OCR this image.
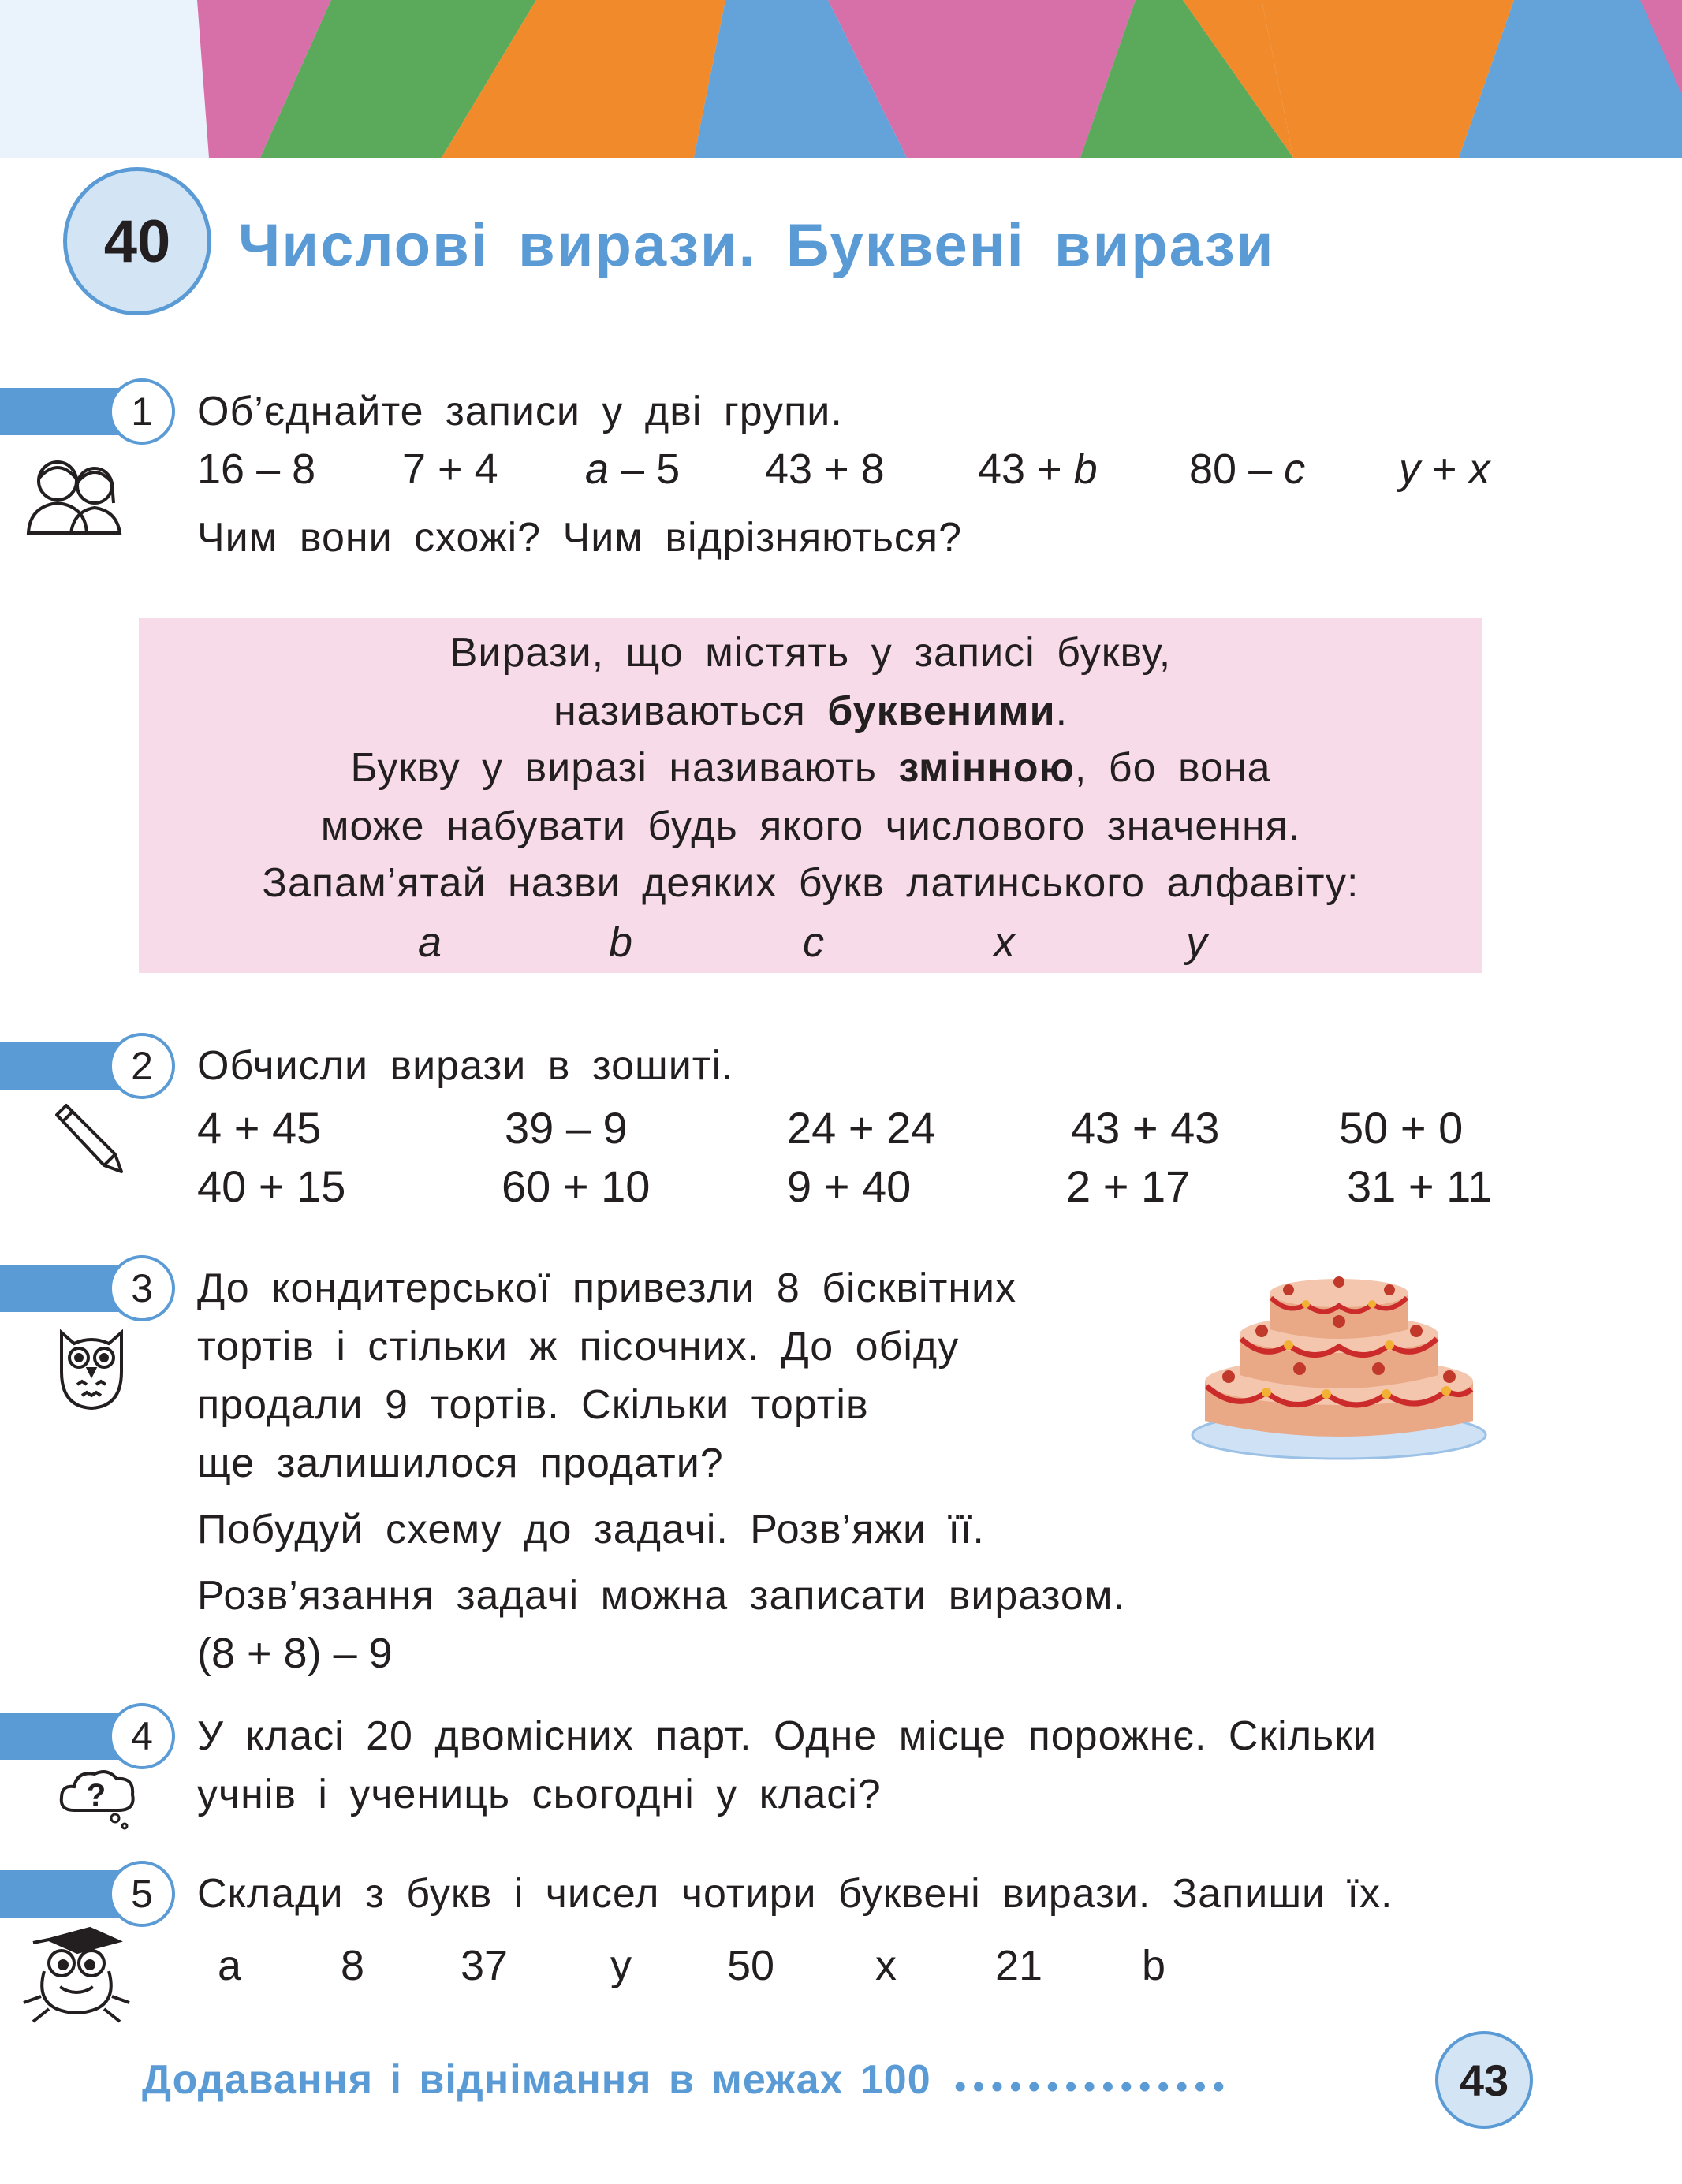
40 Числові вирази. Буквені вирази
1	Об’єднайте записи у дві групи.
16 – 8 7 + 4 a – 5 43 + 8 43 + b 80 – c y + x
Чим вони схожі? Чим відрізняються?
Вирази, що містять у записі букву,
називаються буквеними.
Букву у виразі називають змінною, бо вона
може набувати будь якого числового значення.
Запам’ятай назви деяких букв латинського алфавіту:
a	b	c	x	y
2	Обчисли вирази в зошиті.
4 + 45	39 – 9	24 + 24	43 + 43	50 + 0
40 + 15	60 + 10	9 + 40	2 + 17	31 + 11
3	До кондитерської привезли 8 бісквітних
тортів і стільки ж пісочних. До обіду
продали 9 тортів. Скільки тортів
ще залишилося продати?
Побудуй схему до задачі. Розв’яжи її.
Розв’язання задачі можна записати виразом.
(8 + 8) – 9
4
?
У класі 20 двомісних парт. Одне місце порожнє. Скільки
учнів і учениць сьогодні у класі?
5	Склади з букв і чисел чотири буквені вирази. Запиши їх.
a 8 37 y 50 x 21 b
Додавання і віднімання в межах 100 •••••••••••••••	43
